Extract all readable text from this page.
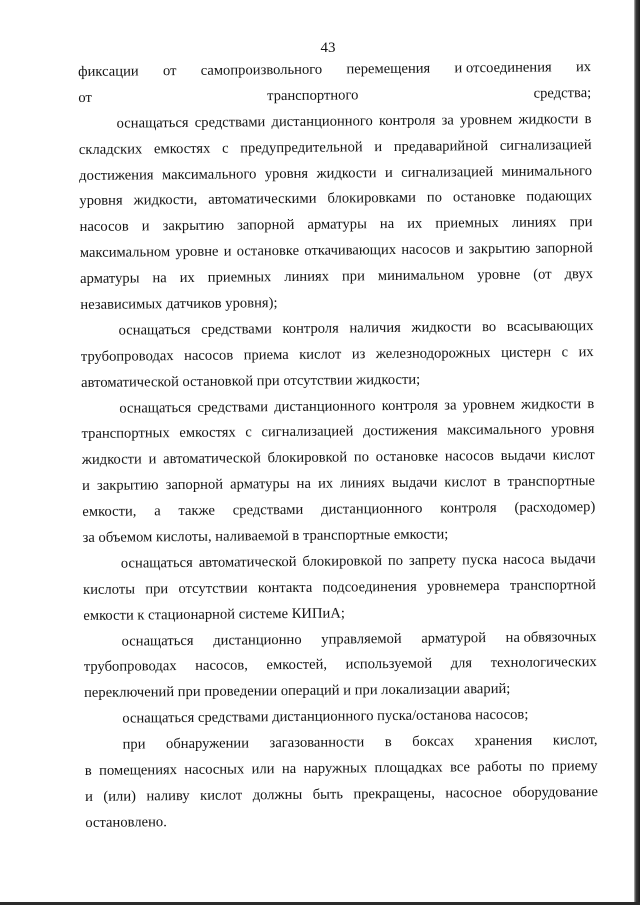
43
фиксации от самопроизвольного перемещения и отсоединения их
от транспортного средства;
оснащаться средствами дистанционного контроля за уровнем жидкости в
складских емкостях с предупредительной и предаварийной сигнализацией
достижения максимального уровня жидкости и сигнализацией минимального
уровня жидкости, автоматическими блокировками по остановке подающих
насосов и закрытию запорной арматуры на их приемных линиях при
максимальном уровне и остановке откачивающих насосов и закрытию запорной
арматуры на их приемных линиях при минимальном уровне (от двух
независимых датчиков уровня);
оснащаться средствами контроля наличия жидкости во всасывающих
трубопроводах насосов приема кислот из железнодорожных цистерн с их
автоматической остановкой при отсутствии жидкости;
оснащаться средствами дистанционного контроля за уровнем жидкости в
транспортных емкостях с сигнализацией достижения максимального уровня
жидкости и автоматической блокировкой по остановке насосов выдачи кислот
и закрытию запорной арматуры на их линиях выдачи кислот в транспортные
емкости, а также средствами дистанционного контроля (расходомер)
за объемом кислоты, наливаемой в транспортные емкости;
оснащаться автоматической блокировкой по запрету пуска насоса выдачи
кислоты при отсутствии контакта подсоединения уровнемера транспортной
емкости к стационарной системе КИПиА;
оснащаться дистанционно управляемой арматурой на обвязочных
трубопроводах насосов, емкостей, используемой для технологических
переключений при проведении операций и при локализации аварий;
оснащаться средствами дистанционного пуска/останова насосов;
при обнаружении загазованности в боксах хранения кислот,
в помещениях насосных или на наружных площадках все работы по приему
и (или) наливу кислот должны быть прекращены, насосное оборудование
остановлено.
